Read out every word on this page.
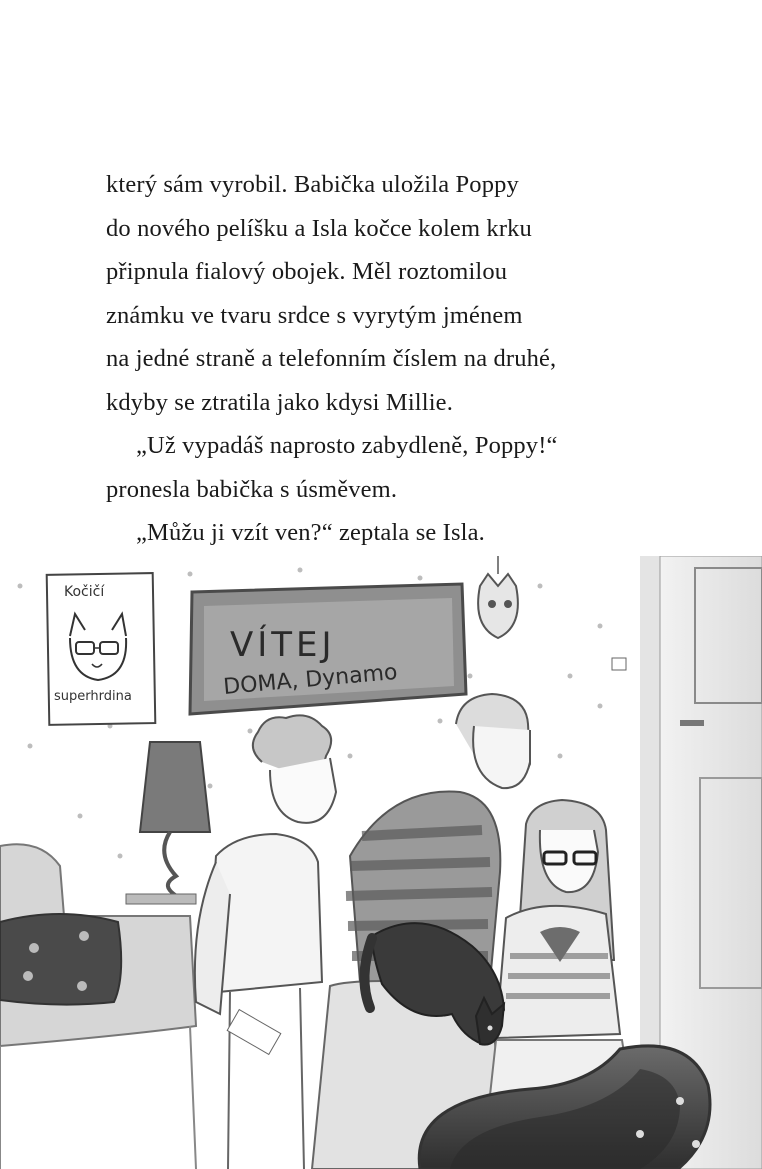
který sám vyrobil. Babička uložila Poppy
do nového pelíšku a Isla kočce kolem krku
připnula fialový obojek. Měl roztomilou
známku ve tvaru srdce s vyrytým jménem
na jedné straně a telefonním číslem na druhé,
kdyby se ztratila jako kdysi Millie.
„Už vypadáš naprosto zabydleně, Poppy!“
pronesla babička s úsměvem.
„Můžu ji vzít ven?“ zeptala se Isla.
Kočičí
superhrdina
VÍTEJ
DOMA, Dynamo
